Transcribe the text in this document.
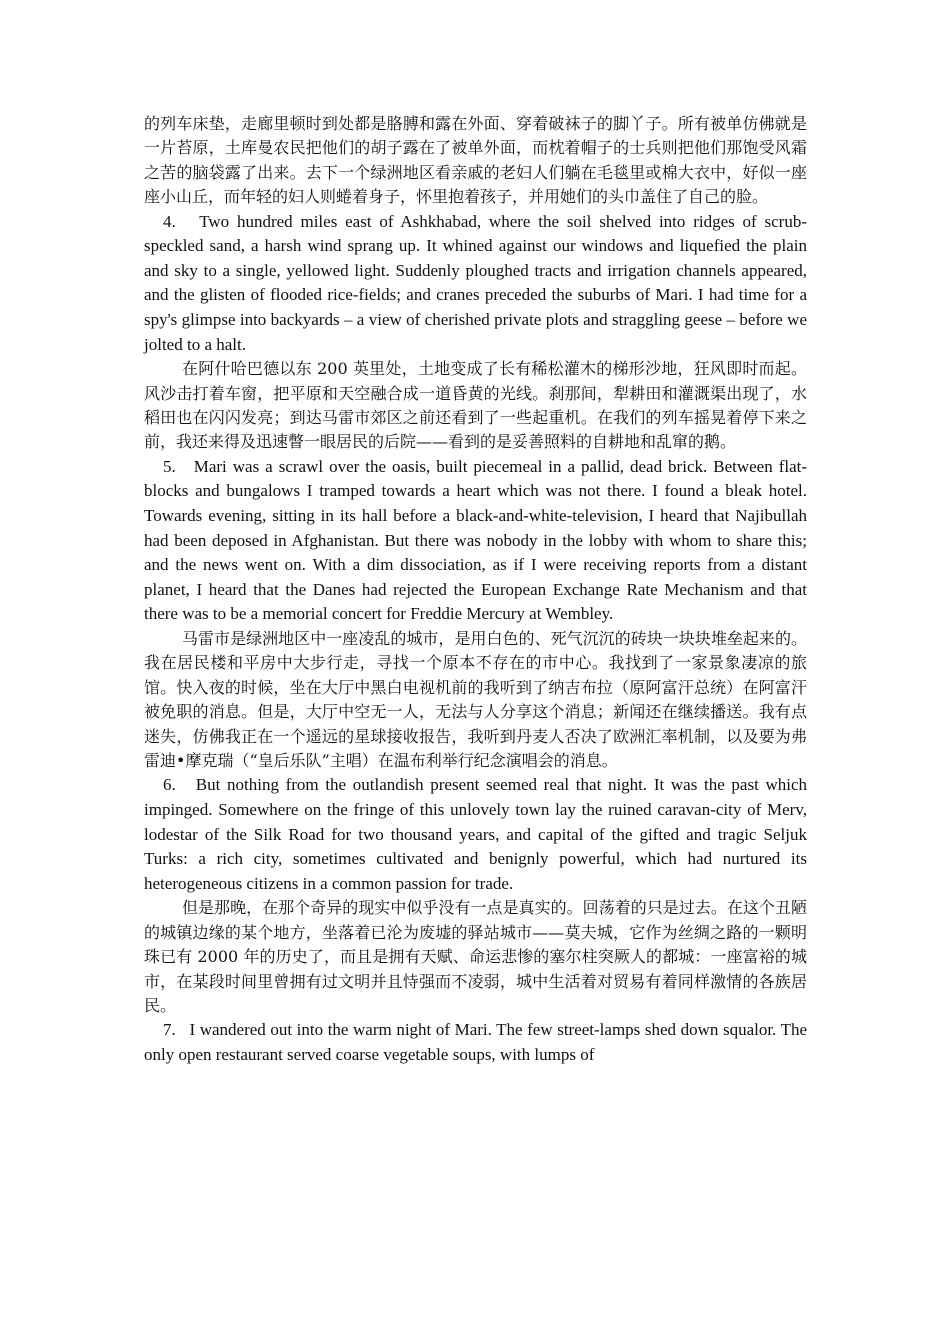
的列车床垫，走廊里顿时到处都是胳膊和露在外面、穿着破袜子的脚丫子。所有被单仿佛就是一片苔原，土库曼农民把他们的胡子露在了被单外面，而枕着帽子的士兵则把他们那饱受风霜之苦的脑袋露了出来。去下一个绿洲地区看亲戚的老妇人们躺在毛毯里或棉大衣中，好似一座座小山丘，而年轻的妇人则蜷着身子，怀里抱着孩子，并用她们的头巾盖住了自己的脸。

4. Two hundred miles east of Ashkhabad, where the soil shelved into ridges of scrub-speckled sand, a harsh wind sprang up. It whined against our windows and liquefied the plain and sky to a single, yellowed light. Suddenly ploughed tracts and irrigation channels appeared, and the glisten of flooded rice-fields; and cranes preceded the suburbs of Mari. I had time for a spy's glimpse into backyards – a view of cherished private plots and straggling geese – before we jolted to a halt.

在阿什哈巴德以东 200 英里处，土地变成了长有稀松灌木的梯形沙地，狂风即时而起。风沙击打着车窗，把平原和天空融合成一道昏黄的光线。刹那间，犁耕田和灌溉渠出现了，水稻田也在闪闪发亮；到达马雷市郊区之前还看到了一些起重机。在我们的列车摇晃着停下来之前，我还来得及迅速瞥一眼居民的后院——看到的是妥善照料的自耕地和乱窜的鹅。

5. Mari was a scrawl over the oasis, built piecemeal in a pallid, dead brick. Between flat-blocks and bungalows I tramped towards a heart which was not there. I found a bleak hotel. Towards evening, sitting in its hall before a black-and-white-television, I heard that Najibullah had been deposed in Afghanistan. But there was nobody in the lobby with whom to share this; and the news went on. With a dim dissociation, as if I were receiving reports from a distant planet, I heard that the Danes had rejected the European Exchange Rate Mechanism and that there was to be a memorial concert for Freddie Mercury at Wembley.

马雷市是绿洲地区中一座凌乱的城市，是用白色的、死气沉沉的砖块一块块堆垒起来的。我在居民楼和平房中大步行走，寻找一个原本不存在的市中心。我找到了一家景象凄凉的旅馆。快入夜的时候，坐在大厅中黑白电视机前的我听到了纳吉布拉（原阿富汗总统）在阿富汗被免职的消息。但是，大厅中空无一人，无法与人分享这个消息；新闻还在继续播送。我有点迷失，仿佛我正在一个遥远的星球接收报告，我听到丹麦人否决了欧洲汇率机制，以及要为弗雷迪•摩克瑞（“皇后乐队”主唱）在温布利举行纪念演唱会的消息。

6. But nothing from the outlandish present seemed real that night. It was the past which impinged. Somewhere on the fringe of this unlovely town lay the ruined caravan-city of Merv, lodestar of the Silk Road for two thousand years, and capital of the gifted and tragic Seljuk Turks: a rich city, sometimes cultivated and benignly powerful, which had nurtured its heterogeneous citizens in a common passion for trade.

但是那晚，在那个奇异的现实中似乎没有一点是真实的。回荡着的只是过去。在这个丑陋的城镇边缘的某个地方，坐落着已沦为废墟的驿站城市——莫夫城，它作为丝绸之路的一颗明珠已有 2000 年的历史了，而且是拥有天赋、命运悲惨的塞尔柱突厥人的都城：一座富裕的城市，在某段时间里曾拥有过文明并且恃强而不凌弱，城中生活着对贸易有着同样激情的各族居民。

7. I wandered out into the warm night of Mari. The few street-lamps shed down squalor. The only open restaurant served coarse vegetable soups, with lumps of
